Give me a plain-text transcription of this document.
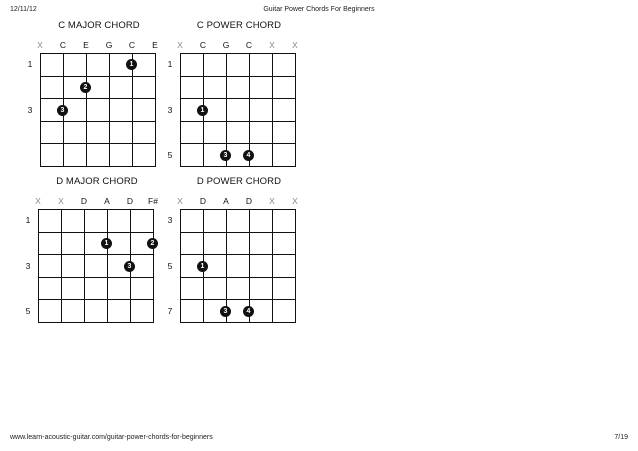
12/11/12	Guitar Power Chords For Beginners
C MAJOR CHORD
X	C	E	G	C	E
1
3
1
2
3
C POWER CHORD
X	C	G	C	X	X
1
3
5
1
3	4
D MAJOR CHORD
X	X	D	A	D	F#
1
3
5
1	2
3
D POWER CHORD
X	D	A	D	X	X
3
5
7
1
3	4
www.learn-acoustic-guitar.com/guitar-power-chords-for-beginners	7/19
